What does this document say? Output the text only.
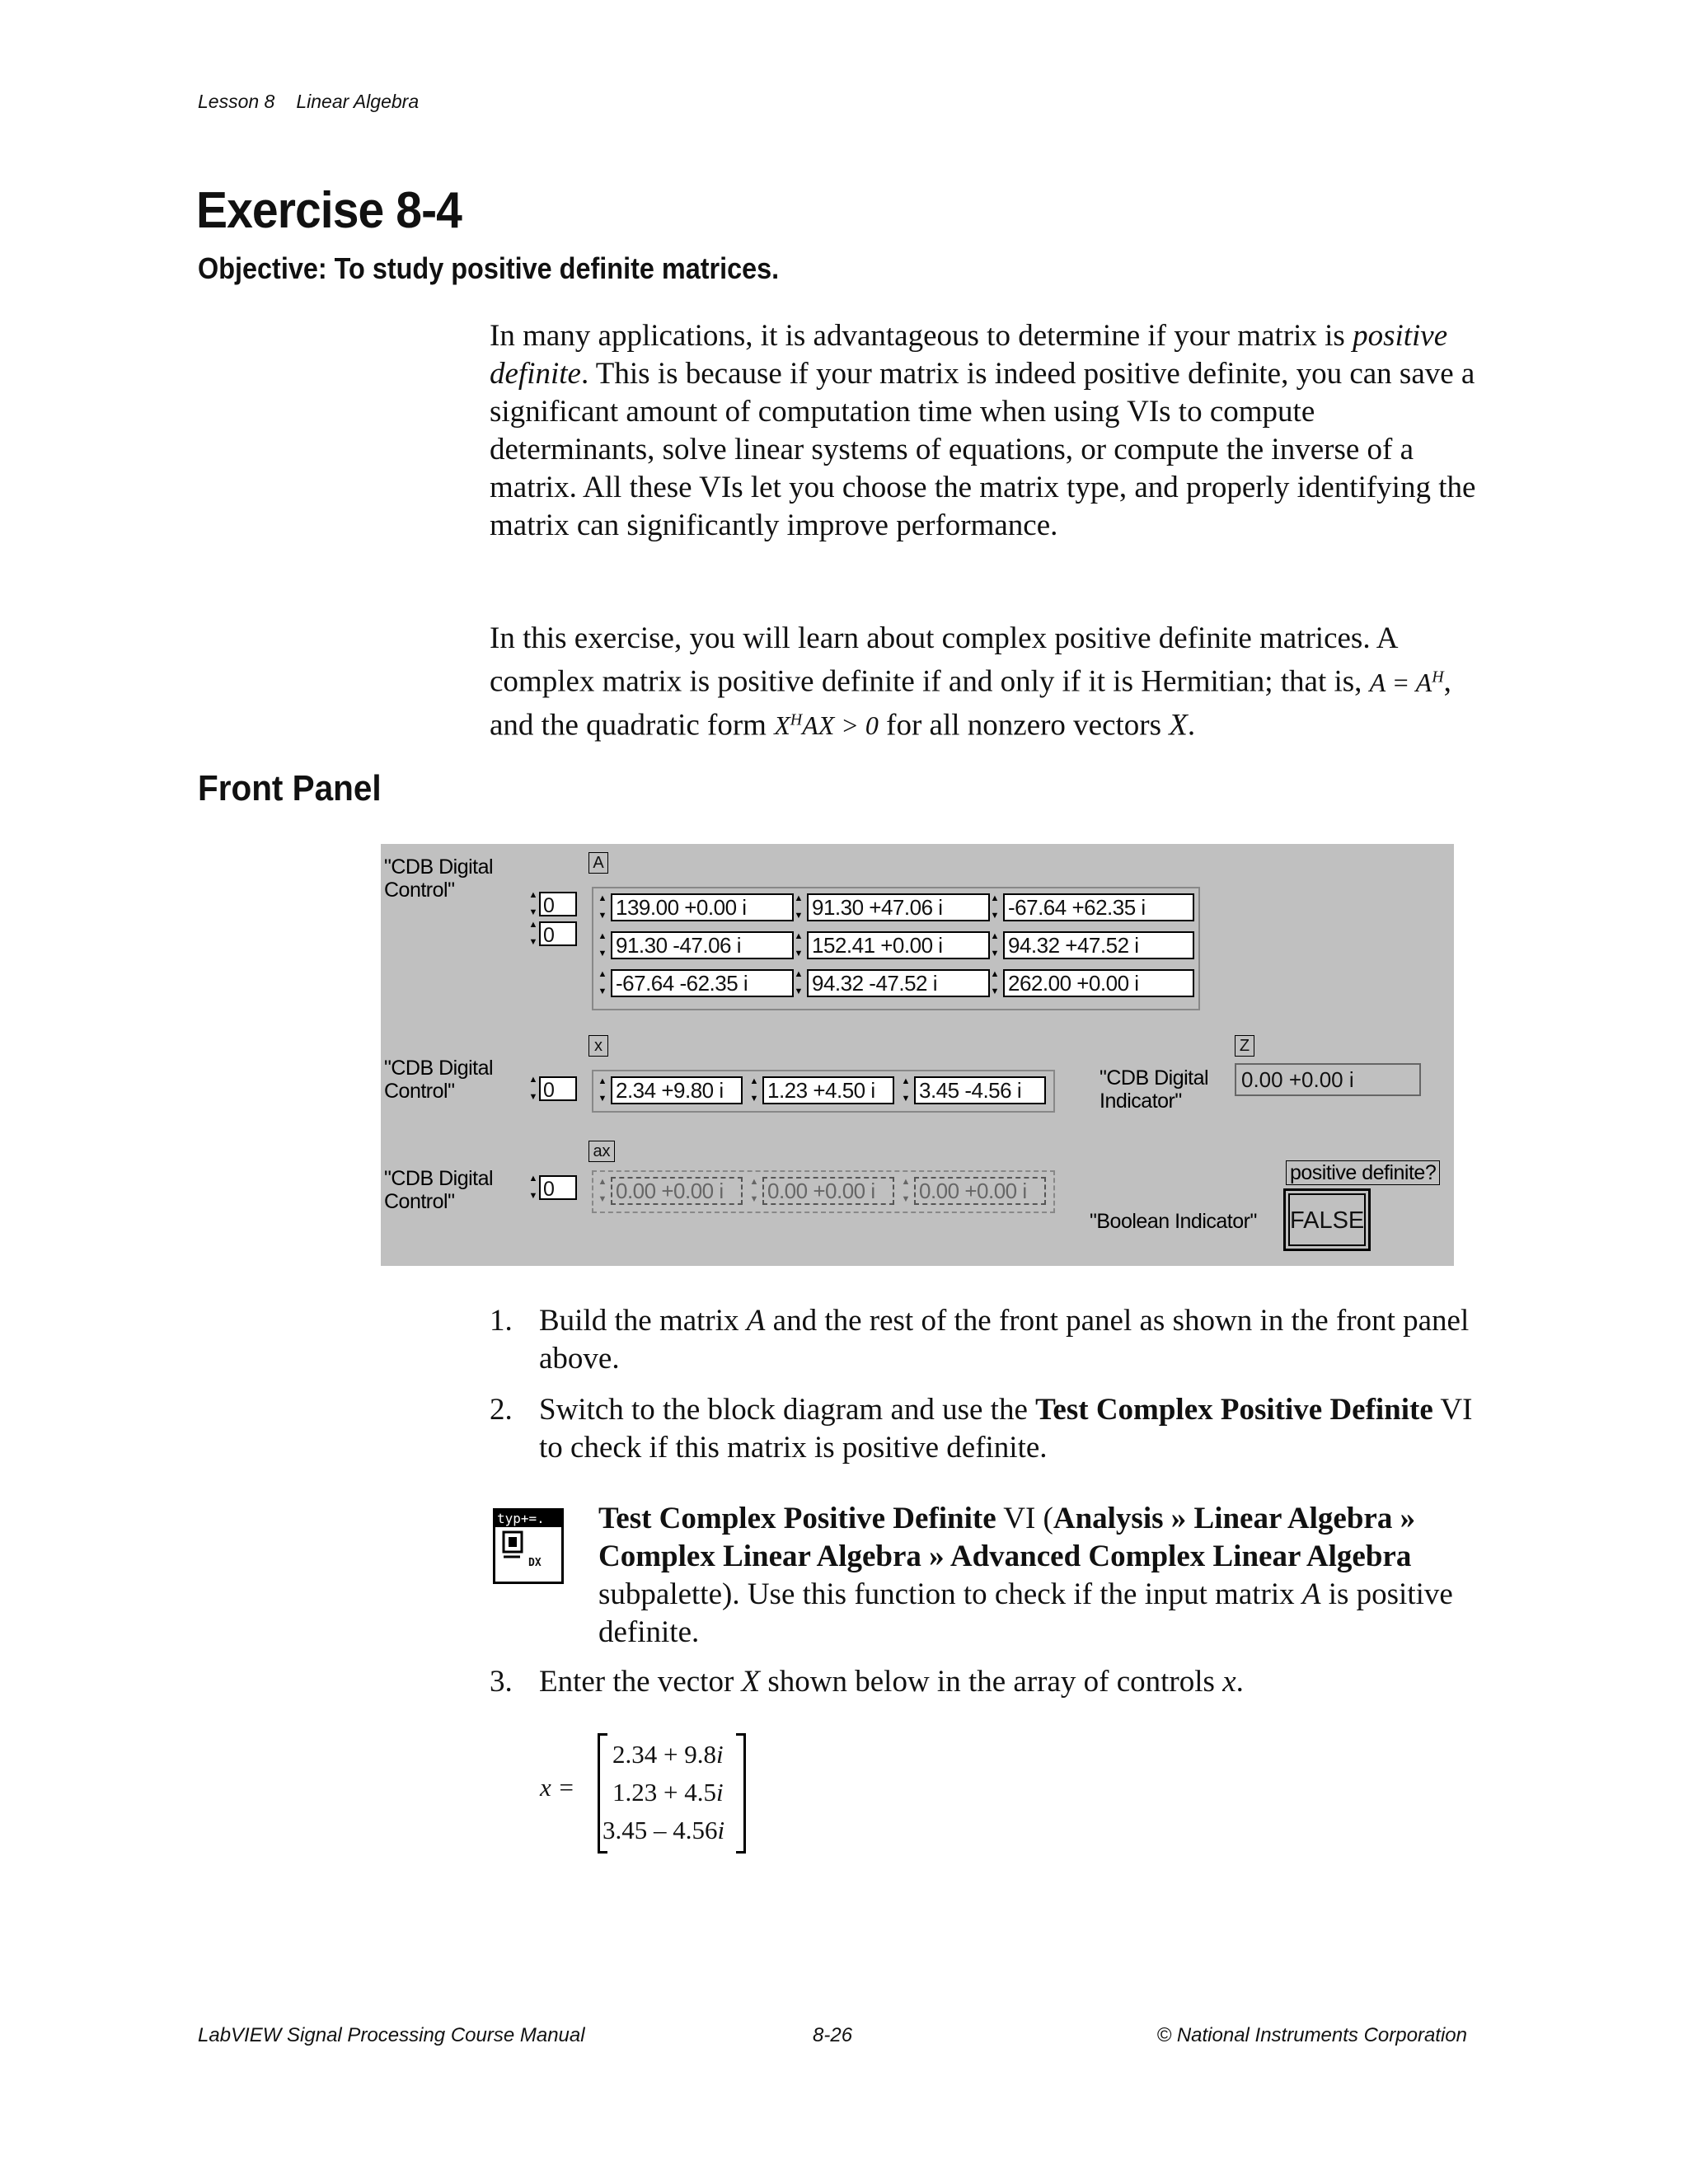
Lesson 8 Linear Algebra
Exercise 8-4
Objective: To study positive definite matrices.
In many applications, it is advantageous to determine if your matrix is positive definite. This is because if your matrix is indeed positive definite, you can save a significant amount of computation time when using VIs to compute determinants, solve linear systems of equations, or compute the inverse of a matrix. All these VIs let you choose the matrix type, and properly identifying the matrix can significantly improve performance.
In this exercise, you will learn about complex positive definite matrices. A complex matrix is positive definite if and only if it is Hermitian; that is, $A = A^H$, and the quadratic form $X^HAX > 0$ for all nonzero vectors X.
Front Panel
"CDB Digital Control"
A
▲
▼ 0
▲
▼ 0
▲
▼ 139.00 +0.00 i	▲
▼ 91.30 +47.06 i	▲
▼ -67.64 +62.35 i
▲
▼ 91.30 -47.06 i	▲
▼ 152.41 +0.00 i	▲
▼ 94.32 +47.52 i
▲
▼ -67.64 -62.35 i	▲
▼ 94.32 -47.52 i	▲
▼ 262.00 +0.00 i
"CDB Digital Control"
x
▲
▼ 0	▲
▼ 2.34 +9.80 i	▲
▼ 1.23 +4.50 i	▲
▼ 3.45 -4.56 i	"CDB Digital Indicator"
Z
0.00 +0.00 i
"CDB Digital Control"
ax
▲
▼ 0	▲
▼ 0.00 +0.00 i	▲
▼ 0.00 +0.00 i	▲
▼ 0.00 +0.00 i
positive definite?
"Boolean Indicator" FALSE
1. Build the matrix A and the rest of the front panel as shown in the front panel above.
2. Switch to the block diagram and use the Test Complex Positive Definite VI to check if this matrix is positive definite.
typ+=.
DX
Test Complex Positive Definite VI (Analysis » Linear Algebra » Complex Linear Algebra » Advanced Complex Linear Algebra subpalette). Use this function to check if the input matrix A is positive definite.
3. Enter the vector X shown below in the array of controls x.
x =
2.34 + 9.8i
1.23 + 4.5i
3.45 – 4.56i
LabVIEW Signal Processing Course Manual	8-26	© National Instruments Corporation
